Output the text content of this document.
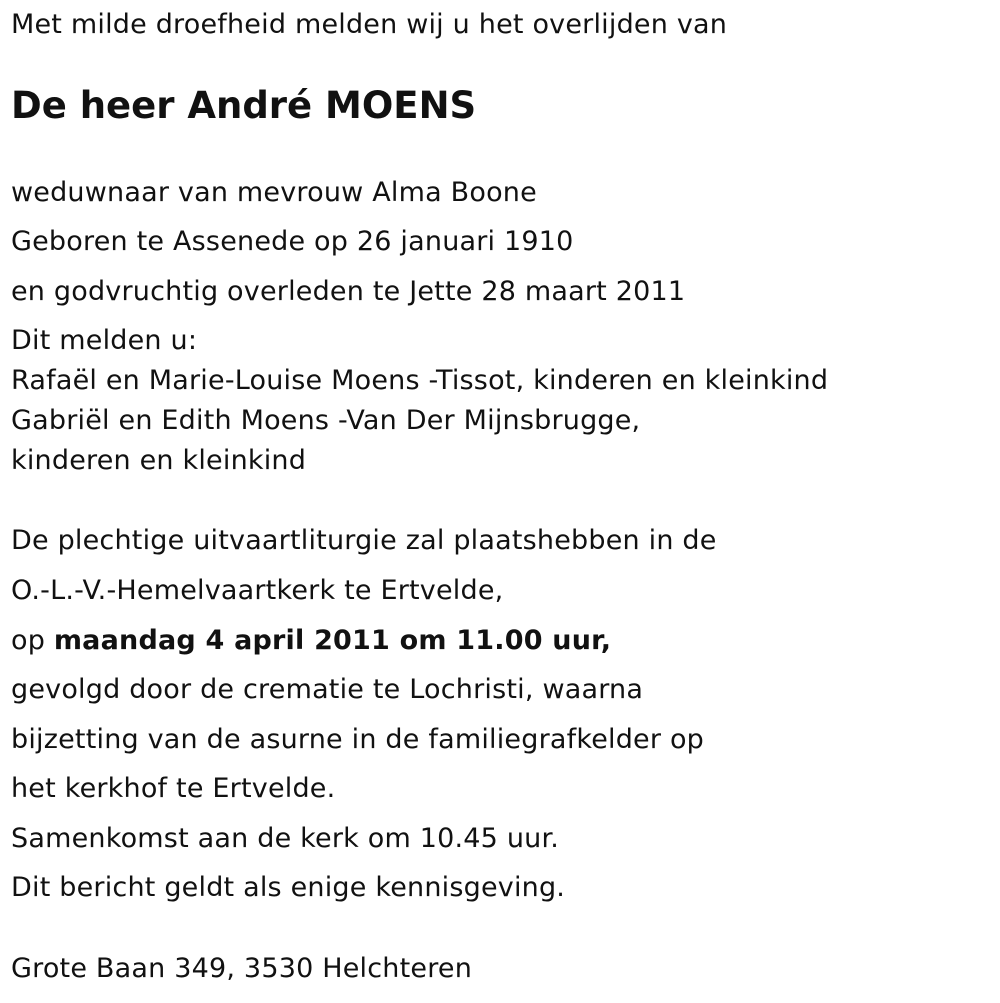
Met milde droefheid melden wij u het overlijden van
De heer André MOENS
weduwnaar van mevrouw Alma Boone
Geboren te Assenede op 26 januari 1910
en godvruchtig overleden te Jette 28 maart 2011
Dit melden u:
Rafaël en Marie-Louise Moens -Tissot, kinderen en kleinkind
Gabriël en Edith Moens -Van Der Mijnsbrugge,
kinderen en kleinkind
De plechtige uitvaartliturgie zal plaatshebben in de
O.-L.-V.-Hemelvaartkerk te Ertvelde,
op maandag 4 april 2011 om 11.00 uur,
gevolgd door de crematie te Lochristi, waarna
bijzetting van de asurne in de familiegrafkelder op
het kerkhof te Ertvelde.
Samenkomst aan de kerk om 10.45 uur.
Dit bericht geldt als enige kennisgeving.
Grote Baan 349, 3530 Helchteren
